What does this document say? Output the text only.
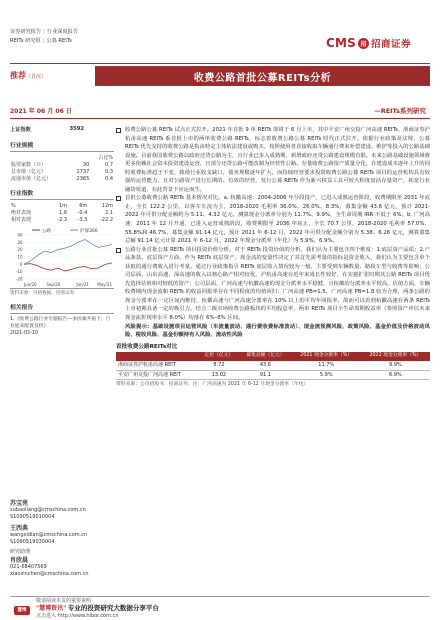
证券研究报告 | 行业深度报告
REITs 研究组 | 公募 REITs	CMS 招 招商证券
推荐（首次）	收费公路首批公募REITs分析
2021 年 06 月 06 日	—REITs系列研究
上证指数	3592
行业规模
		占比%
股票家数（只）	30	0.7
总市值（亿元）	2737	0.3
流通市值（亿元）	2365	0.4
行业指数
%	1m	6m	12m
绝对表现	1.6	-0.4	2.1
相对表现	-2.3	-3.3	-22.2
公路	沪深300
-20
-10
0
10
20
30
40
Jun/20 Sep/20	Jan/21 May/21
资料来源：贝格数据、招商证券
相关报告
1.《收费公路行业专题报告—多因素共振下，行业迎来配置良机》
2021-03-10
苏宝亮
subaoliang@cmschina.com.cn
S1090519010004
王西典
wangxidian@cmschina.com.cn
S1090519030004
研究助理
肖欣晨
021-68407569
xiaoxinchen@cmschina.com.cn
收费公路公募 REITs 试点正式拉开。2021 年首批 9 单 REITs 即将于 6 月上市，其中平安广州交投广河高速 REITs、浙商证券沪杭甬高速 REITs 系首批上市的两单收费公路 REITs，标志着收费公路公募 REITs 时代正式拉开。依据行业政策及法规，公募 REITs 优先支持的收费公路是指由特定主体依法建设或购买，按照使用者直接收取车辆通行费来补偿建设、维护等投入的公路基础设施。目前我国收费公路以政府还贷公路为主，且行业已步入成熟期，新增政府还贷公路建设规模有限。未来公路基础设施领域将更多依赖社会资本投资建设运营，且部分还贷公路可能改制为经营性公路。存量收费公路资产质量分化，在建设成本逐年上升的同时收费标准趋于不变，致使行业收支缺口，债务规模逐年扩大，而持续经营要求投资收费公路公募 REITs 项目的运营机构具有较强的运营能力、且对公路资产进行长期的、有效的经营，发行公募 REITs 作为新兴权益工具可较大程度盘活存量资产，拓宽行业融资渠道，在此背景下应运而生。
首批公募收费公路 REITs 基本情况对比。a. 杭徽高速：2004-2006 年分段投产，已进入成熟运营阶段，收费期限至 2031 年底止，全长 122.2 公里，以客车车流为主，2018-2020 毛利率 36.0%、26.0%、8.3%，募集金额 43.6 亿元，预计 2021-2022 年可供分配金额约为 5.11、4.32 亿元，测算现金分派率分别为 11.7%、9.9%，全生命周期 IRR 不低于 6%。b. 广河高速：2011 年 12 月开通，已进入运营成熟阶段，收费期限至 2036 年底止，全长 70.7 公里，2018-2020 毛利率 57.0%、55.8%和 46.7%，募集金额 91.14 亿元，预计 2021 年 6-12 月、2022 年可供分配金额分别为 5.38、6.26 亿元，测算募集总额 91.14 亿元计算 2021 年 6-12 月、2022 年现金分派率（年化）为 5.9%、6.9%。
公路行业首批公募 REITs 项目投资价值分析。对于 REITs 投资价值的分析，我们认为主要包含四个维度：1.底层资产品质；2.产品条款、底层资产方面，作为 REITs 底层资产，现金流的变量性决定了其首先需考量的指标是资金收入，我们认为主要包含单个获取的通行费收入进行考量。通过行业政策指引 REITs 底层收入情况较为一般，主要受到车辆数量、路段车型与收费等影响；公司层面，山东高速、深高速的收入以核心路产相对较优，沪杭甬高速在近年来成长性较好，在实施扩张时期其公路 REITs 项目优先选择估值相对较低的资产；公司层面，广河高速与杭徽高速的现金分派率水平稳健，且杭徽的分派率水平较高。估值方面，车辆收费期内现金流和 REITs 的收益回报率存在不同程度的均值回归；广河高速 PB=1.5，广河高速 PB=1.8 较为合理，两条公路的现金分派率在一定区间内维持，杭徽高速与广河高速分派率在 10% 以上的平均年回报率，故而可以看到杭徽高速在两条 REITs 上市初期具备一定的吸引力，结合二级市场收费公路板块的平均股息率，两单 REITs 项目全生命周期收益率（参照资产评估未来现金流折现率水平 8.0%）均落在 6%–8% 区间。
风险提示：基础设施项目运营风险（车流量波动、通行费收费标准波动）、现金流预测风险、政策风险、基金价值及价格波动风险、税收风险、基金份额持有人风险、流动性风险
首批收费公路REITs对比
	定价（亿元）	募集总额（亿元）	2021 现金分派率（%）	2022 现金分派率（%）
浙商证券沪杭甬高速 REIT	8.72	43.6	11.7%	9.9%
平安广州交投广河高速 REIT	13.02	91.1	5.9%	6.9%
资料来源：公司招股书、招商证券。注：广河高速为 2021 年 6-12 月现金分派率（年化）
慧博
敬请阅读末页的重要说明
"慧博资讯" 专业的投资研究大数据分享平台
点击进入 http://www.hibor.com.cn
